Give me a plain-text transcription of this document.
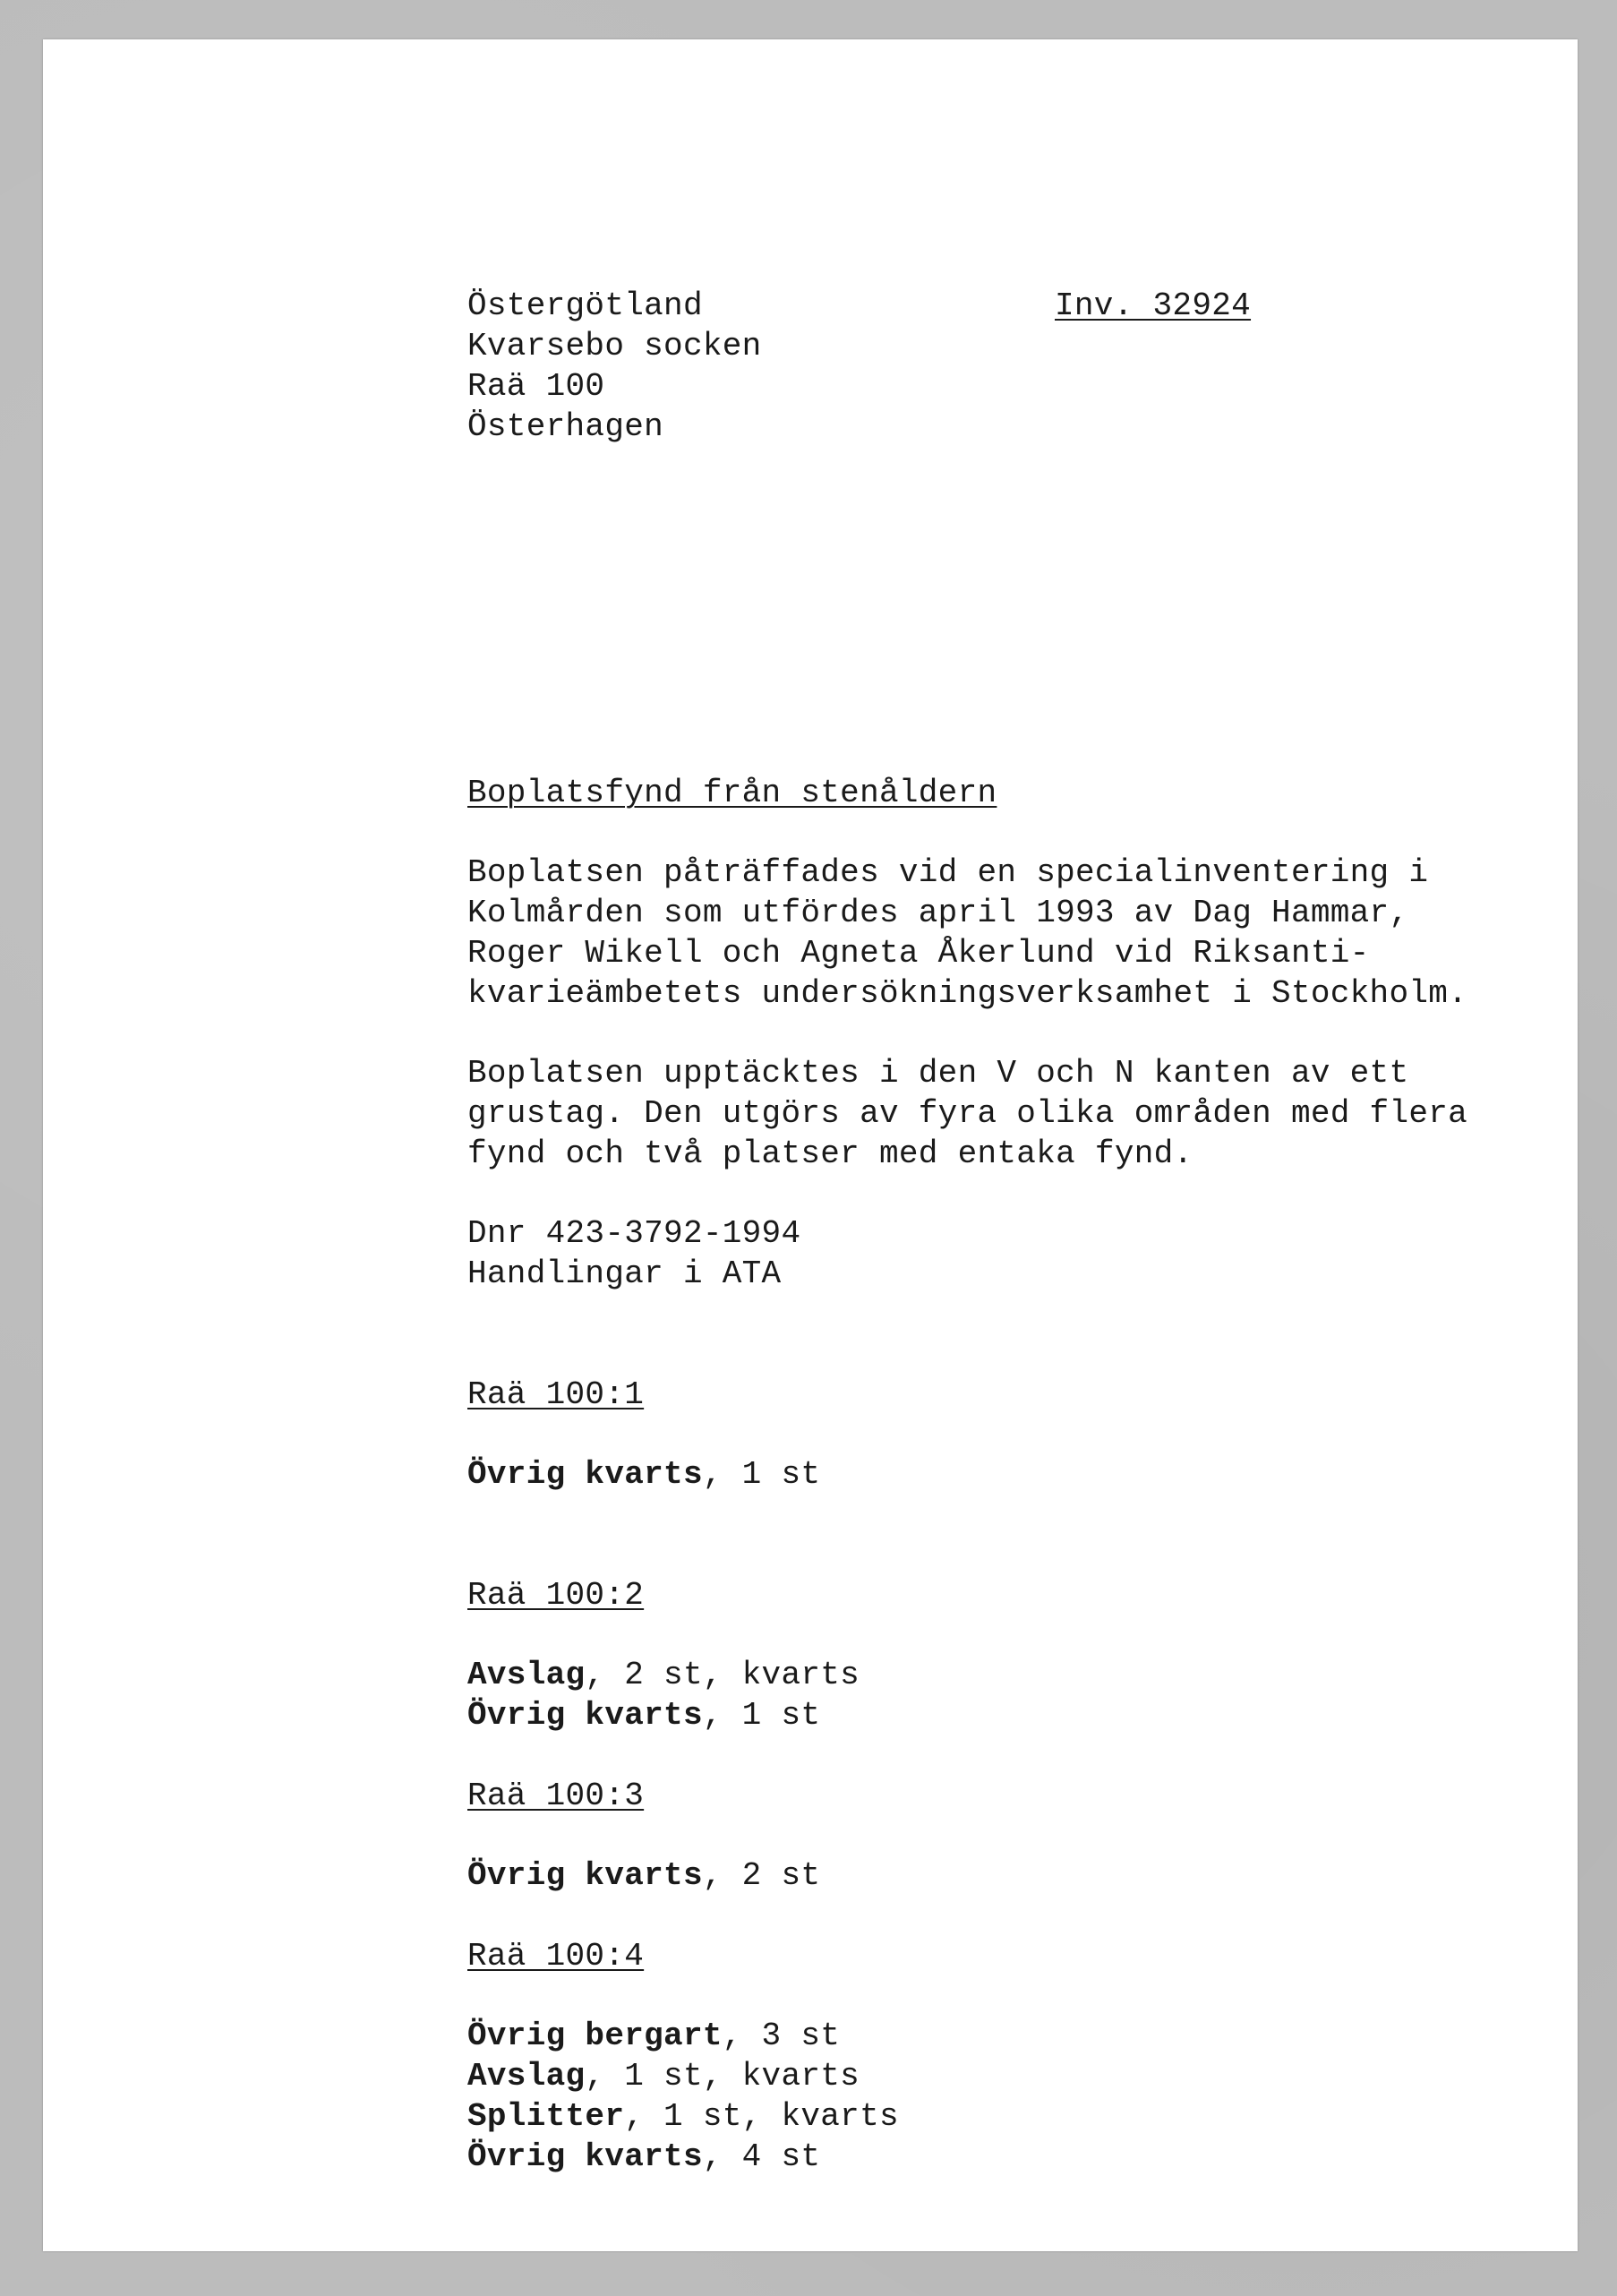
Östergötland	Inv. 32924
Kvarsebo socken
Raä 100
Österhagen
Boplatsfynd från stenåldern
Boplatsen påträffades vid en specialinventering i
Kolmården som utfördes april 1993 av Dag Hammar,
Roger Wikell och Agneta Åkerlund vid Riksanti-
kvarieämbetets undersökningsverksamhet i Stockholm.
Boplatsen upptäcktes i den V och N kanten av ett
grustag. Den utgörs av fyra olika områden med flera
fynd och två platser med entaka fynd.
Dnr 423-3792-1994
Handlingar i ATA
Raä 100:1
Övrig kvarts, 1 st
Raä 100:2
Avslag, 2 st, kvarts
Övrig kvarts, 1 st
Raä 100:3
Övrig kvarts, 2 st
Raä 100:4
Övrig bergart, 3 st
Avslag, 1 st, kvarts
Splitter, 1 st, kvarts
Övrig kvarts, 4 st
